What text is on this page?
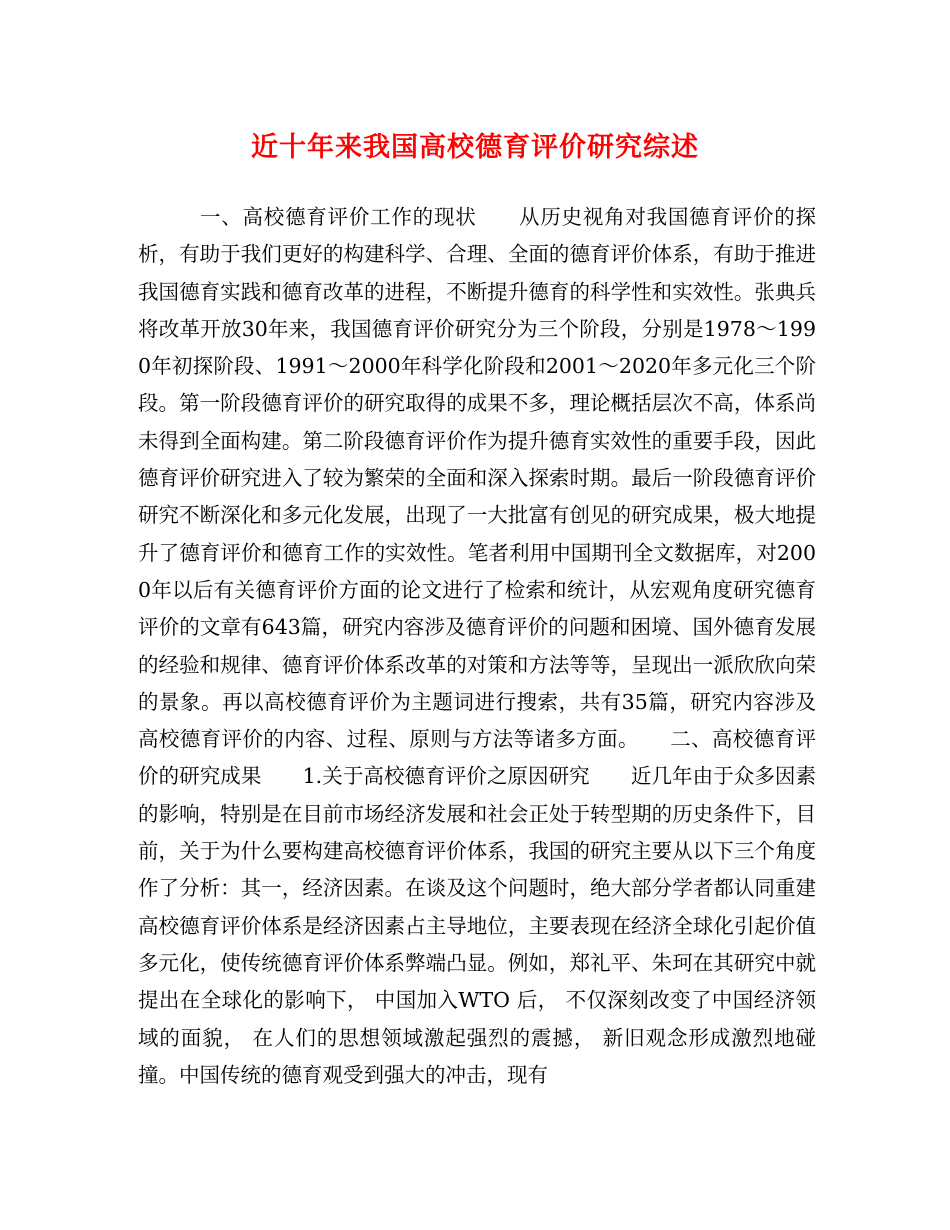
近十年来我国高校德育评价研究综述

一、高校德育评价工作的现状　　从历史视角对我国德育评价的探析，有助于我们更好的构建科学、合理、全面的德育评价体系，有助于推进我国德育实践和德育改革的进程，不断提升德育的科学性和实效性。张典兵将改革开放30年来，我国德育评价研究分为三个阶段，分别是1978～1990年初探阶段、1991～2000年科学化阶段和2001～2020年多元化三个阶段。第一阶段德育评价的研究取得的成果不多，理论概括层次不高，体系尚未得到全面构建。第二阶段德育评价作为提升德育实效性的重要手段，因此德育评价研究进入了较为繁荣的全面和深入探索时期。最后一阶段德育评价研究不断深化和多元化发展，出现了一大批富有创见的研究成果，极大地提升了德育评价和德育工作的实效性。笔者利用中国期刊全文数据库，对2000年以后有关德育评价方面的论文进行了检索和统计，从宏观角度研究德育评价的文章有643篇，研究内容涉及德育评价的问题和困境、国外德育发展的经验和规律、德育评价体系改革的对策和方法等等，呈现出一派欣欣向荣的景象。再以高校德育评价为主题词进行搜索，共有35篇，研究内容涉及高校德育评价的内容、过程、原则与方法等诸多方面。　　二、高校德育评价的研究成果　　1.关于高校德育评价之原因研究　　近几年由于众多因素的影响，特别是在目前市场经济发展和社会正处于转型期的历史条件下，目前，关于为什么要构建高校德育评价体系，我国的研究主要从以下三个角度作了分析：其一，经济因素。在谈及这个问题时，绝大部分学者都认同重建高校德育评价体系是经济因素占主导地位，主要表现在经济全球化引起价值多元化，使传统德育评价体系弊端凸显。例如，郑礼平、朱珂在其研究中就提出在全球化的影响下， 中国加入WTO 后， 不仅深刻改变了中国经济领域的面貌， 在人们的思想领域激起强烈的震撼， 新旧观念形成激烈地碰撞。中国传统的德育观受到强大的冲击，现有
